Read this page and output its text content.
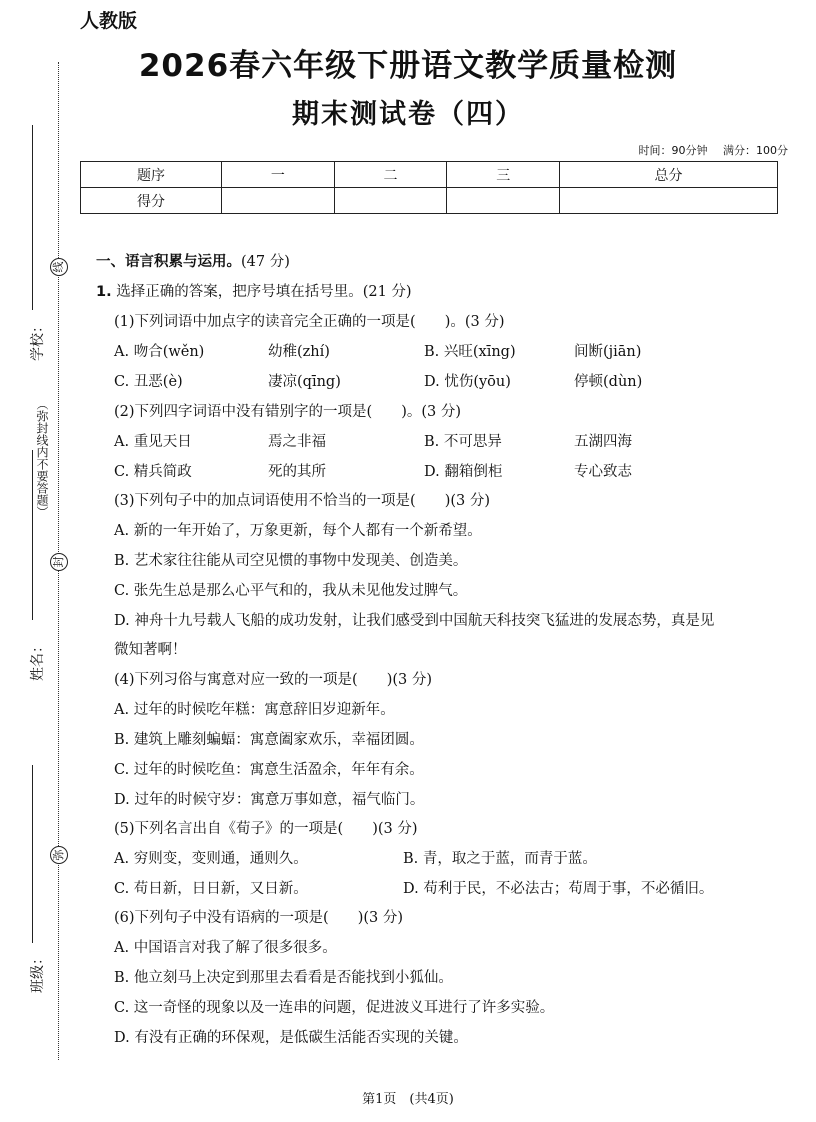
学校：
线
（弥封线内不要答题）
封
姓名：
弥
班级：
人教版
2026春六年级下册语文教学质量检测
期末测试卷（四）
时间：90分钟 满分：100分
题序	一	二	三	总分
得分				
一、语言积累与运用。(47 分)
1. 选择正确的答案，把序号填在括号里。(21 分)
(1)下列词语中加点字的读音完全正确的一项是(　　)。(3 分)
A. 吻合(wěn)	幼稚(zhí)	B. 兴旺(xīng)	间断(jiān)
C. 丑恶(è)	凄凉(qīng)	D. 忧伤(yōu)	停顿(dùn)
(2)下列四字词语中没有错别字的一项是(　　)。(3 分)
A. 重见天日	焉之非福	B. 不可思异	五湖四海
C. 精兵简政	死的其所	D. 翻箱倒柜	专心致志
(3)下列句子中的加点词语使用不恰当的一项是(　　)(3 分)
A. 新的一年开始了，万象更新，每个人都有一个新希望。
B. 艺术家往往能从司空见惯的事物中发现美、创造美。
C. 张先生总是那么心平气和的，我从未见他发过脾气。
D. 神舟十九号载人飞船的成功发射，让我们感受到中国航天科技突飞猛进的发展态势，真是见
微知著啊！
(4)下列习俗与寓意对应一致的一项是(　　)(3 分)
A. 过年的时候吃年糕：寓意辞旧岁迎新年。
B. 建筑上雕刻蝙蝠：寓意阖家欢乐，幸福团圆。
C. 过年的时候吃鱼：寓意生活盈余，年年有余。
D. 过年的时候守岁：寓意万事如意，福气临门。
(5)下列名言出自《荀子》的一项是(　　)(3 分)
A. 穷则变，变则通，通则久。	B. 青，取之于蓝，而青于蓝。
C. 苟日新，日日新，又日新。	D. 苟利于民，不必法古；苟周于事，不必循旧。
(6)下列句子中没有语病的一项是(　　)(3 分)
A. 中国语言对我了解了很多很多。
B. 他立刻马上决定到那里去看看是否能找到小狐仙。
C. 这一奇怪的现象以及一连串的问题，促进波义耳进行了许多实验。
D. 有没有正确的环保观，是低碳生活能否实现的关键。
第1页　(共4页)
